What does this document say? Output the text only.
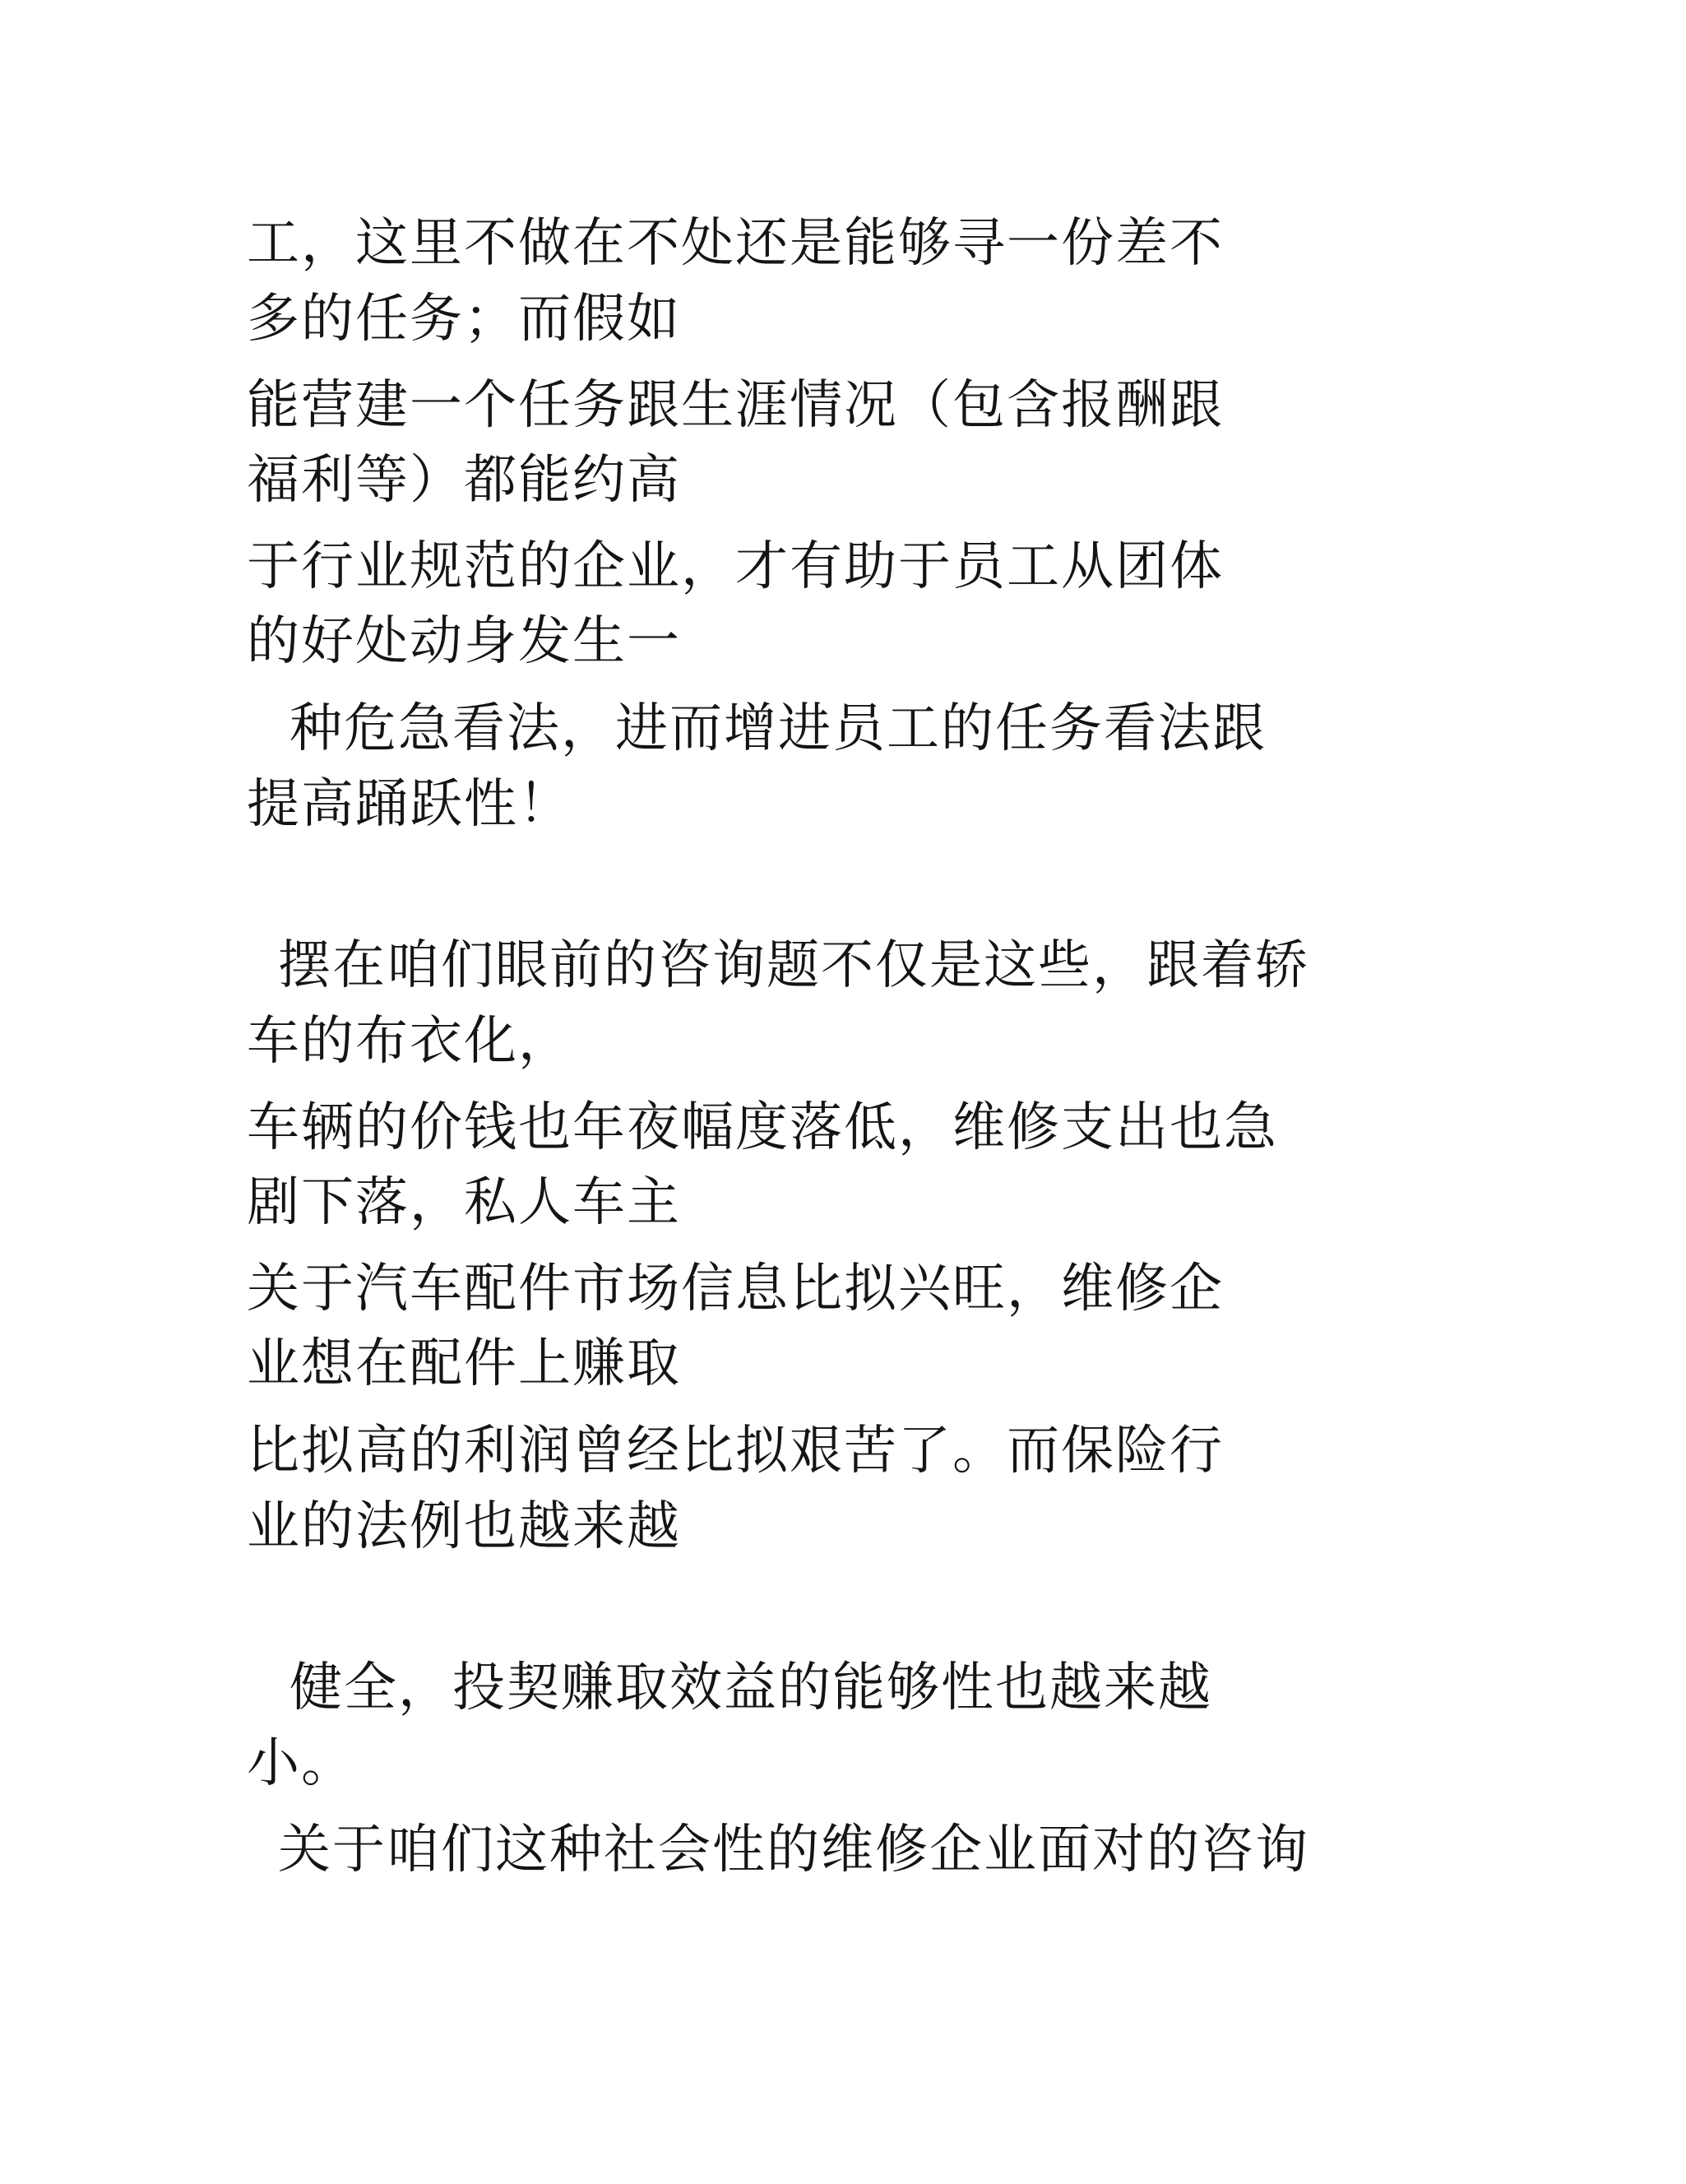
工，这里不做在不处还是能够寻一份差不
多的任务；而假如
能营建一个任务跟生涯情况（包含报酬跟
福利等）都能约高
于行业规范的企业，才有助于员工从团体
的好处动身发生一
种危急看法，进而增进员工的任务看法跟
提高踊跃性！
摆在咱们眼前的咨询题不仅是这些，跟着轿
车的布衣化，
车辆的价钱也年夜幅度落低，维修支出也急
剧下落，私人车主
关于汽车配件市场信息比拟兴旺，维修企
业想在配件上赚取
比拟高的利润曾经比拟艰苦了。而保险行
业的法例也越来越
健全，投契赚取效益的能够性也越来越
小。
关于咱们这种社会性的维修企业面对的咨询
